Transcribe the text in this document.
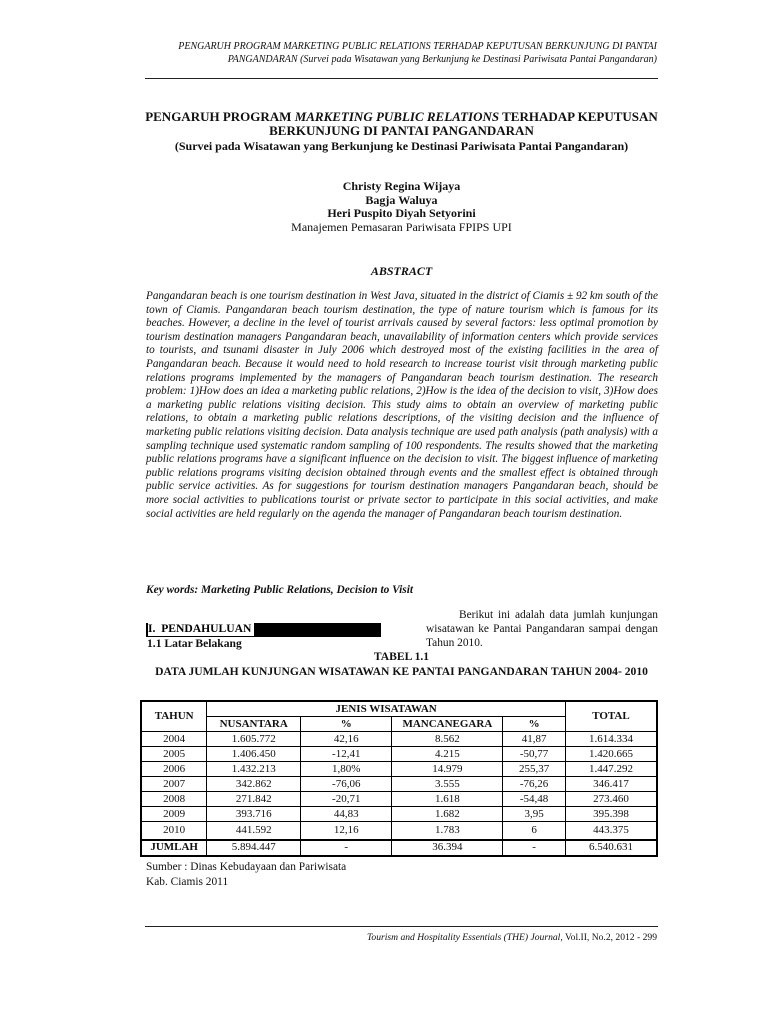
PENGARUH PROGRAM MARKETING PUBLIC RELATIONS TERHADAP KEPUTUSAN BERKUNJUNG DI PANTAI
PANGANDARAN (Survei pada Wisatawan yang Berkunjung ke Destinasi Pariwisata Pantai Pangandaran)
PENGARUH PROGRAM MARKETING PUBLIC RELATIONS TERHADAP KEPUTUSAN
BERKUNJUNG DI PANTAI PANGANDARAN
(Survei pada Wisatawan yang Berkunjung ke Destinasi Pariwisata Pantai Pangandaran)
Christy Regina Wijaya
Bagja Waluya
Heri Puspito Diyah Setyorini
Manajemen Pemasaran Pariwisata FPIPS UPI
ABSTRACT
Pangandaran beach is one tourism destination in West Java, situated in the district of Ciamis ± 92 km south of the town of Ciamis. Pangandaran beach tourism destination, the type of nature tourism which is famous for its beaches. However, a decline in the level of tourist arrivals caused by several factors: less optimal promotion by tourism destination managers Pangandaran beach, unavailability of information centers which provide services to tourists, and tsunami disaster in July 2006 which destroyed most of the existing facilities in the area of Pangandaran beach. Because it would need to hold research to increase tourist visit through marketing public relations programs implemented by the managers of Pangandaran beach tourism destination. The research problem: 1)How does an idea a marketing public relations, 2)How is the idea of the decision to visit, 3)How does a marketing public relations visiting decision. This study aims to obtain an overview of marketing public relations, to obtain a marketing public relations descriptions, of the visiting decision and the influence of marketing public relations visiting decision. Data analysis technique are used path analysis (path analysis) with a sampling technique used systematic random sampling of 100 respondents. The results showed that the marketing public relations programs have a significant influence on the decision to visit. The biggest influence of marketing public relations programs visiting decision obtained through events and the smallest effect is obtained through public service activities. As for suggestions for tourism destination managers Pangandaran beach, should be more social activities to publications tourist or private sector to participate in this social activities, and make social activities are held regularly on the agenda the manager of Pangandaran beach tourism destination.
Key words: Marketing Public Relations, Decision to Visit
I. PENDAHULUAN
1.1 Latar Belakang
Berikut ini adalah data jumlah kunjungan wisatawan ke Pantai Pangandaran sampai dengan Tahun 2010.
TABEL 1.1
DATA JUMLAH KUNJUNGAN WISATAWAN KE PANTAI PANGANDARAN TAHUN 2004- 2010
TAHUN	JENIS WISATAWAN				TOTAL
	NUSANTARA	%	MANCANEGARA	%	
2004	1.605.772	42,16	8.562	41,87	1.614.334
2005	1.406.450	-12,41	4.215	-50,77	1.420.665
2006	1.432.213	1,80%	14.979	255,37	1.447.292
2007	342.862	-76,06	3.555	-76,26	346.417
2008	271.842	-20,71	1.618	-54,48	273.460
2009	393.716	44,83	1.682	3,95	395.398
2010	441.592	12,16	1.783	6	443.375
JUMLAH	5.894.447	-	36.394	-	6.540.631
Sumber : Dinas Kebudayaan dan Pariwisata
Kab. Ciamis 2011
Tourism and Hospitality Essentials (THE) Journal, Vol.II, No.2, 2012 - 299
